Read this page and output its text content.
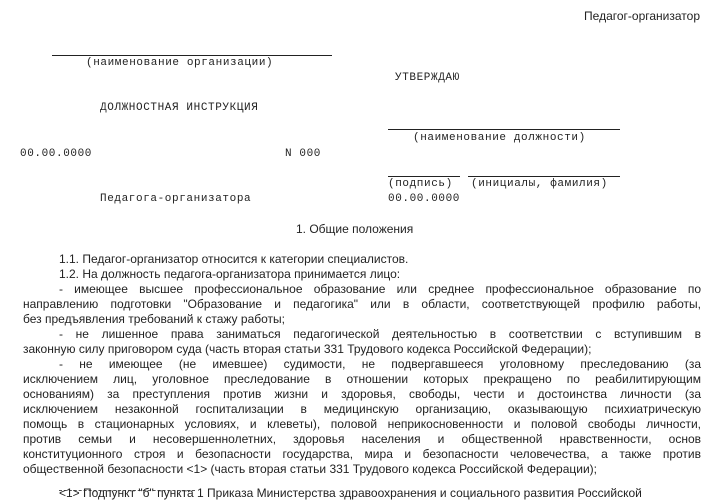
Педагог-организатор
(наименование организации)
УТВЕРЖДАЮ
ДОЛЖНОСТНАЯ ИНСТРУКЦИЯ
(наименование должности)
00.00.0000	N 000
(подпись) (инициалы, фамилия)
Педагога-организатора	00.00.0000
1. Общие положения
1.1. Педагог-организатор относится к категории специалистов.
1.2. На должность педагога-организатора принимается лицо:
- имеющее высшее профессиональное образование или среднее профессиональное образование по
направлению подготовки "Образование и педагогика" или в области, соответствующей профилю работы,
без предъявления требований к стажу работы;
- не лишенное права заниматься педагогической деятельностью в соответствии с вступившим в
законную силу приговором суда (часть вторая статьи 331 Трудового кодекса Российской Федерации);
- не имеющее (не имевшее) судимости, не подвергавшееся уголовному преследованию (за
исключением лиц, уголовное преследование в отношении которых прекращено по реабилитирующим
основаниям) за преступления против жизни и здоровья, свободы, чести и достоинства личности (за
исключением незаконной госпитализации в медицинскую организацию, оказывающую психиатрическую
помощь в стационарных условиях, и клеветы), половой неприкосновенности и половой свободы личности,
против семьи и несовершеннолетних, здоровья населения и общественной нравственности, основ
конституционного строя и безопасности государства, мира и безопасности человечества, а также против
общественной безопасности <1> (часть вторая статьи 331 Трудового кодекса Российской Федерации);
<1> Подпункт "б" пункта 1 Приказа Министерства здравоохранения и социального развития Российской
